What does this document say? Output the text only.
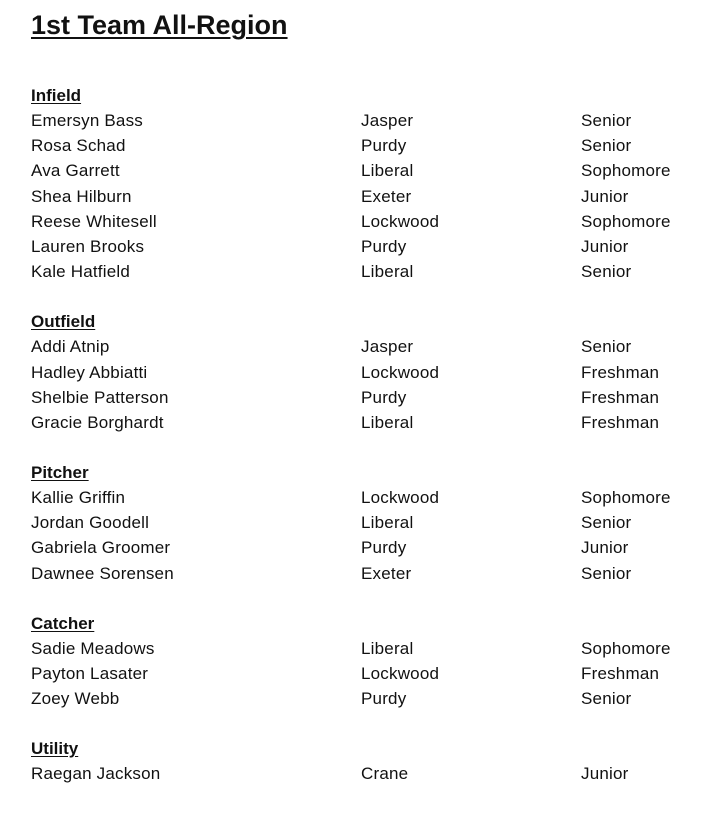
1st Team All-Region
Infield
Emersyn Bass	Jasper	Senior
Rosa Schad	Purdy	Senior
Ava Garrett	Liberal	Sophomore
Shea Hilburn	Exeter	Junior
Reese Whitesell	Lockwood	Sophomore
Lauren Brooks	Purdy	Junior
Kale Hatfield	Liberal	Senior
Outfield
Addi Atnip	Jasper	Senior
Hadley Abbiatti	Lockwood	Freshman
Shelbie Patterson	Purdy	Freshman
Gracie Borghardt	Liberal	Freshman
Pitcher
Kallie Griffin	Lockwood	Sophomore
Jordan Goodell	Liberal	Senior
Gabriela Groomer	Purdy	Junior
Dawnee Sorensen	Exeter	Senior
Catcher
Sadie Meadows	Liberal	Sophomore
Payton Lasater	Lockwood	Freshman
Zoey Webb	Purdy	Senior
Utility
Raegan Jackson	Crane	Junior
